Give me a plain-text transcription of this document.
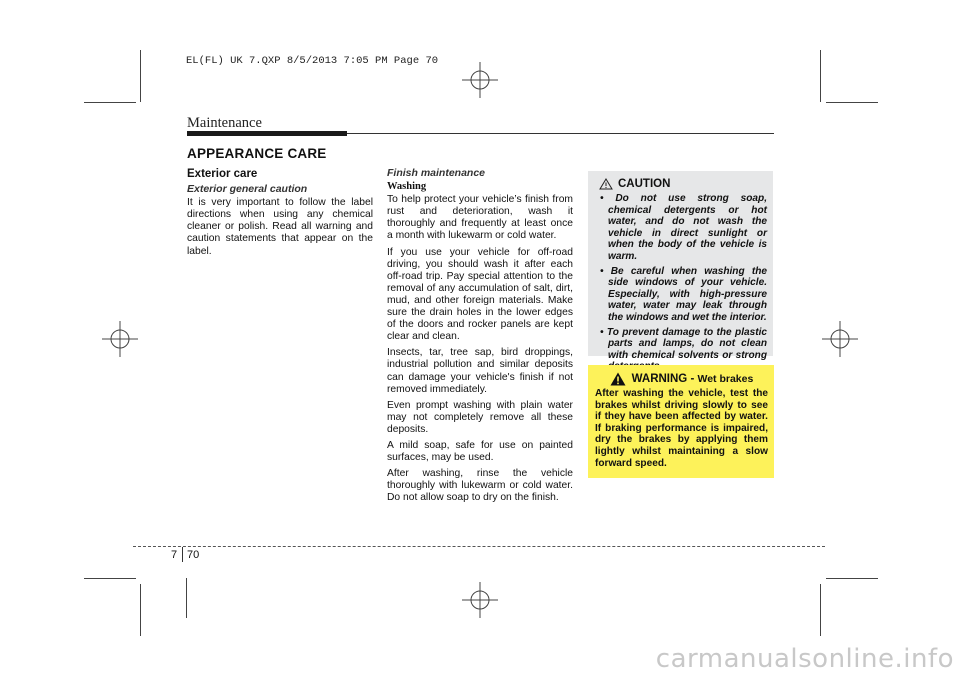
EL(FL) UK 7.QXP 8/5/2013 7:05 PM Page 70
Maintenance
APPEARANCE CARE
Exterior care
Exterior general caution

It is very important to follow the label directions when using any chemical cleaner or polish. Read all warning and caution statements that appear on the label.

Finish maintenance
Washing

To help protect your vehicle’s finish from rust and deterioration, wash it thoroughly and frequently at least once a month with lukewarm or cold water.

If you use your vehicle for off-road driving, you should wash it after each off-road trip. Pay special attention to the removal of any accumulation of salt, dirt, mud, and other foreign materials. Make sure the drain holes in the lower edges of the doors and rocker panels are kept clear and clean.

Insects, tar, tree sap, bird droppings, industrial pollution and similar deposits can damage your vehicle's finish if not removed immediately.

Even prompt washing with plain water may not completely remove all these deposits.

A mild soap, safe for use on painted surfaces, may be used.

After washing, rinse the vehicle thoroughly with lukewarm or cold water. Do not allow soap to dry on the finish.

CAUTION
• Do not use strong soap, chemical detergents or hot water, and do not wash the vehicle in direct sunlight or when the body of the vehicle is warm.
• Be careful when washing the side windows of your vehicle. Especially, with high-pressure water, water may leak through the windows and wet the interior.
• To prevent damage to the plastic parts and lamps, do not clean with chemical solvents or strong
WARNING - Wet brakes
After washing the vehicle, test the brakes whilst driving slowly to see if they have been affected by water. If braking performance is impaired, dry the brakes by applying them lightly whilst maintaining a slow forward speed.
7 70
carmanualsonline.info
